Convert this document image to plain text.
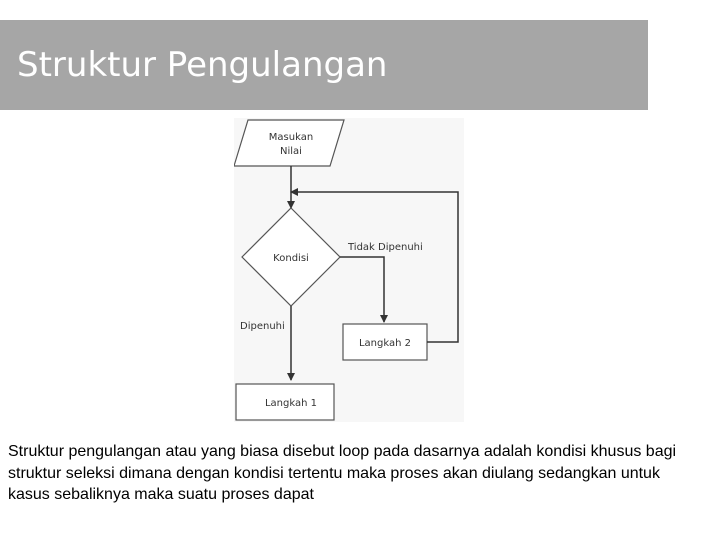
Struktur Pengulangan
Masukan
Nilai
Kondisi
Tidak Dipenuhi
Langkah 2
Dipenuhi
Langkah 1

Struktur pengulangan atau yang biasa disebut loop pada dasarnya adalah kondisi khusus bagi struktur seleksi dimana dengan kondisi tertentu maka proses akan diulang sedangkan untuk kasus sebaliknya maka suatu proses dapat
